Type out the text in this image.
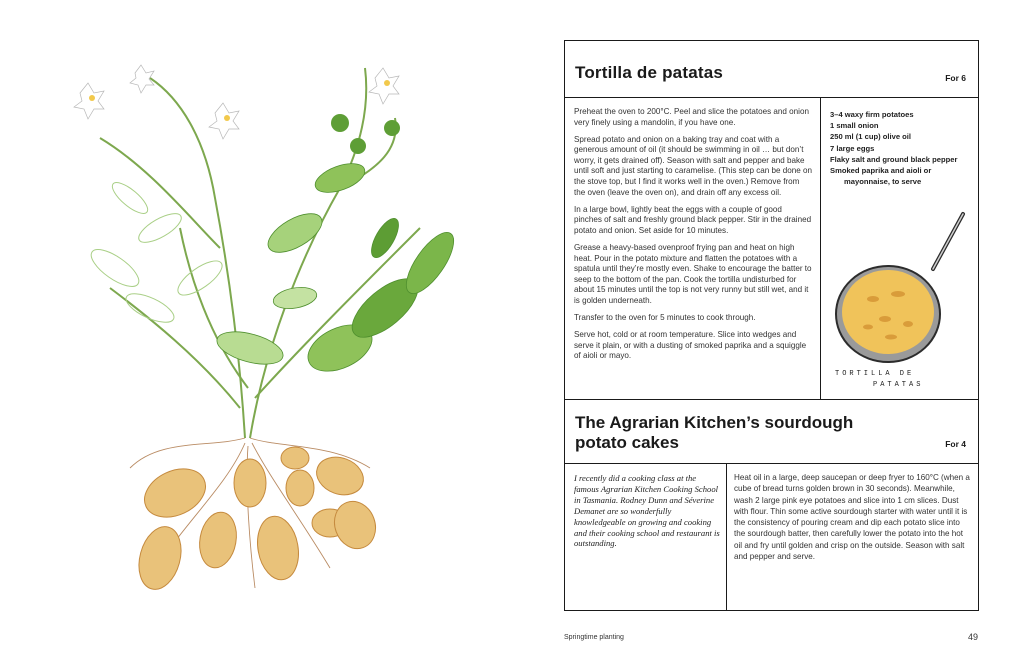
Tortilla de patatas	For 6

Preheat the oven to 200°C. Peel and slice the potatoes and onion very finely using a mandolin, if you have one.

Spread potato and onion on a baking tray and coat with a generous amount of oil (it should be swimming in oil … but don’t worry, it gets drained off). Season with salt and pepper and bake until soft and just starting to caramelise. (This step can be done on the stove top, but I find it works well in the oven.) Remove from the oven (leave the oven on), and drain off any excess oil.

In a large bowl, lightly beat the eggs with a couple of good pinches of salt and freshly ground black pepper. Stir in the drained potato and onion. Set aside for 10 minutes.

Grease a heavy-based ovenproof frying pan and heat on high heat. Pour in the potato mixture and flatten the potatoes with a spatula until they’re mostly even. Shake to encourage the batter to seep to the bottom of the pan. Cook the tortilla undisturbed for about 15 minutes until the top is not very runny but still wet, and it is golden underneath.

Transfer to the oven for 5 minutes to cook through.

Serve hot, cold or at room temperature. Slice into wedges and serve it plain, or with a dusting of smoked paprika and a squiggle of aioli or mayo.

3–4 waxy firm potatoes
1 small onion
250 ml (1 cup) olive oil
7 large eggs
Flaky salt and ground black pepper
Smoked paprika and aioli or
mayonnaise, to serve
TORTILLA DE
PATATAS
The Agrarian Kitchen’s sourdough
potato cakes	For 4
I recently did a cooking class at the famous Agrarian Kitchen Cooking School in Tasmania. Rodney Dunn and Séverine Demanet are so wonderfully knowledgeable on growing and cooking and their cooking school and restaurant is outstanding.
Heat oil in a large, deep saucepan or deep fryer to 160°C (when a cube of bread turns golden brown in 30 seconds). Meanwhile, wash 2 large pink eye potatoes and slice into 1 cm slices. Dust with flour. Thin some active sourdough starter with water until it is the consistency of pouring cream and dip each potato slice into the sourdough batter, then carefully lower the potato into the hot oil and fry until golden and crisp on the outside. Season with salt and pepper and serve.
Springtime planting	49
